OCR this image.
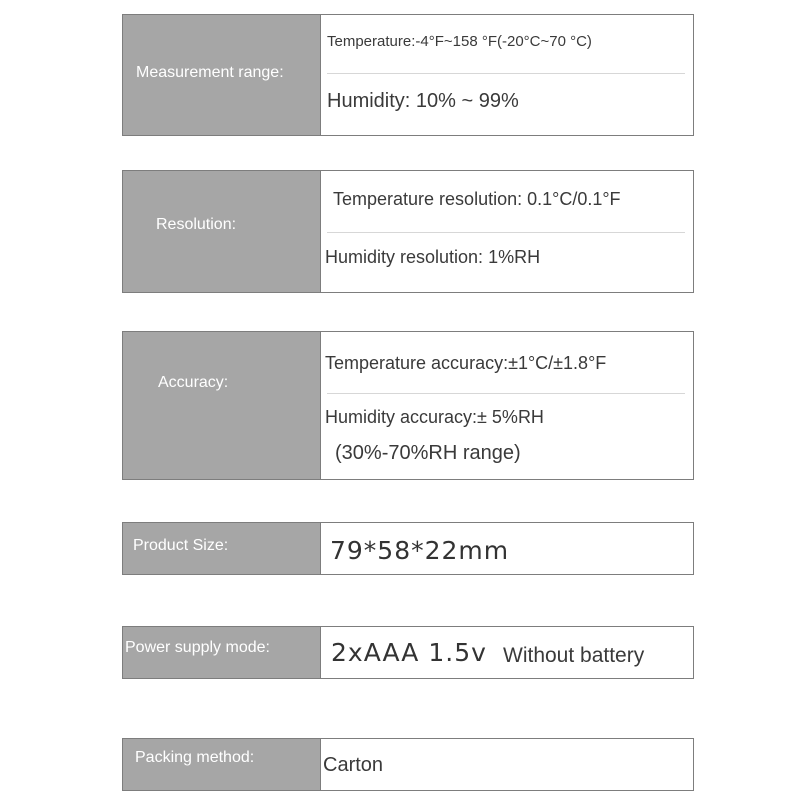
Measurement range:
Temperature:-4°F~158 °F(-20°C~70 °C)
Humidity: 10% ~ 99%
Resolution:
Temperature resolution: 0.1°C/0.1°F
Humidity resolution: 1%RH
Accuracy:
Temperature accuracy:±1°C/±1.8°F
Humidity accuracy:± 5%RH
(30%-70%RH range)
Product Size:	79*58*22mm
Power supply mode: 2xAAA 1.5v Without battery
Packing method:	Carton
